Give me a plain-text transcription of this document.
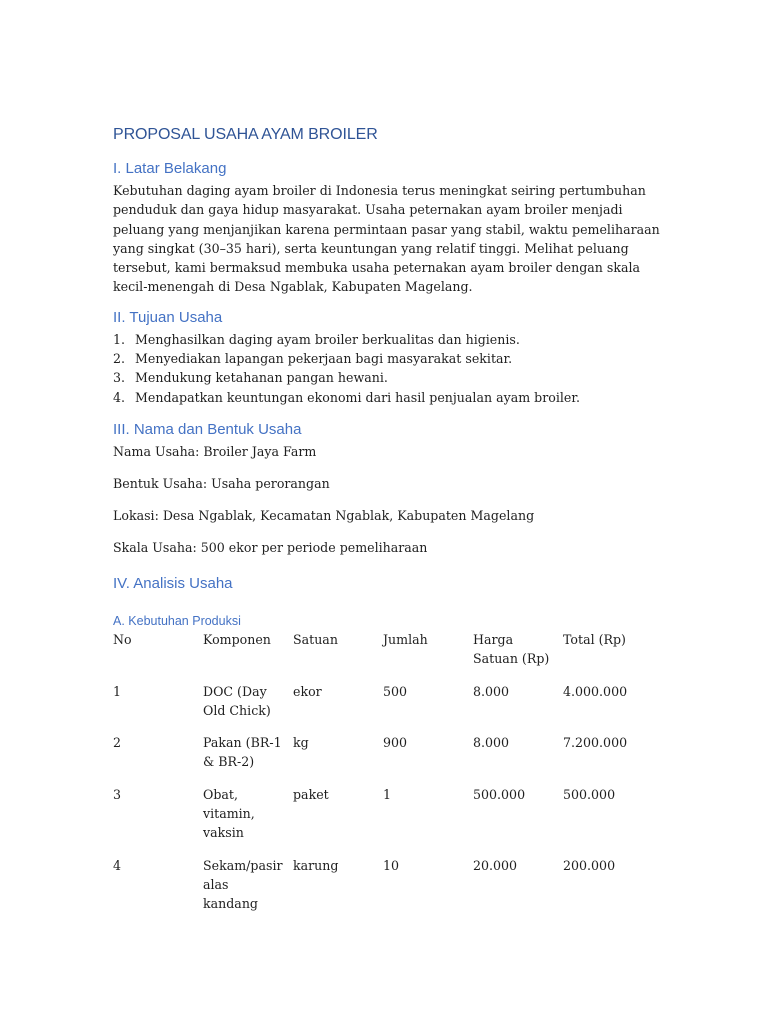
PROPOSAL USAHA AYAM BROILER
I. Latar Belakang

Kebutuhan daging ayam broiler di Indonesia terus meningkat seiring pertumbuhan penduduk dan gaya hidup masyarakat. Usaha peternakan ayam broiler menjadi peluang yang menjanjikan karena permintaan pasar yang stabil, waktu pemeliharaan yang singkat (30–35 hari), serta keuntungan yang relatif tinggi. Melihat peluang tersebut, kami bermaksud membuka usaha peternakan ayam broiler dengan skala kecil-menengah di Desa Ngablak, Kabupaten Magelang.

II. Tujuan Usaha
1. Menghasilkan daging ayam broiler berkualitas dan higienis.
2. Menyediakan lapangan pekerjaan bagi masyarakat sekitar.
3. Mendukung ketahanan pangan hewani.
4. Mendapatkan keuntungan ekonomi dari hasil penjualan ayam broiler.
III. Nama dan Bentuk Usaha

Nama Usaha: Broiler Jaya Farm

Bentuk Usaha: Usaha perorangan

Lokasi: Desa Ngablak, Kecamatan Ngablak, Kabupaten Magelang

Skala Usaha: 500 ekor per periode pemeliharaan

IV. Analisis Usaha
A. Kebutuhan Produksi
No	Komponen	Satuan	Jumlah	Harga Satuan (Rp)	Total (Rp)

1	DOC (Day Old Chick)	ekor	500	8.000	4.000.000

2	Pakan (BR-1 & BR-2)	kg	900	8.000	7.200.000

3	Obat, vitamin, vaksin	paket	1	500.000	500.000

4	Sekam/pasir alas kandang	karung	10	20.000	200.000
